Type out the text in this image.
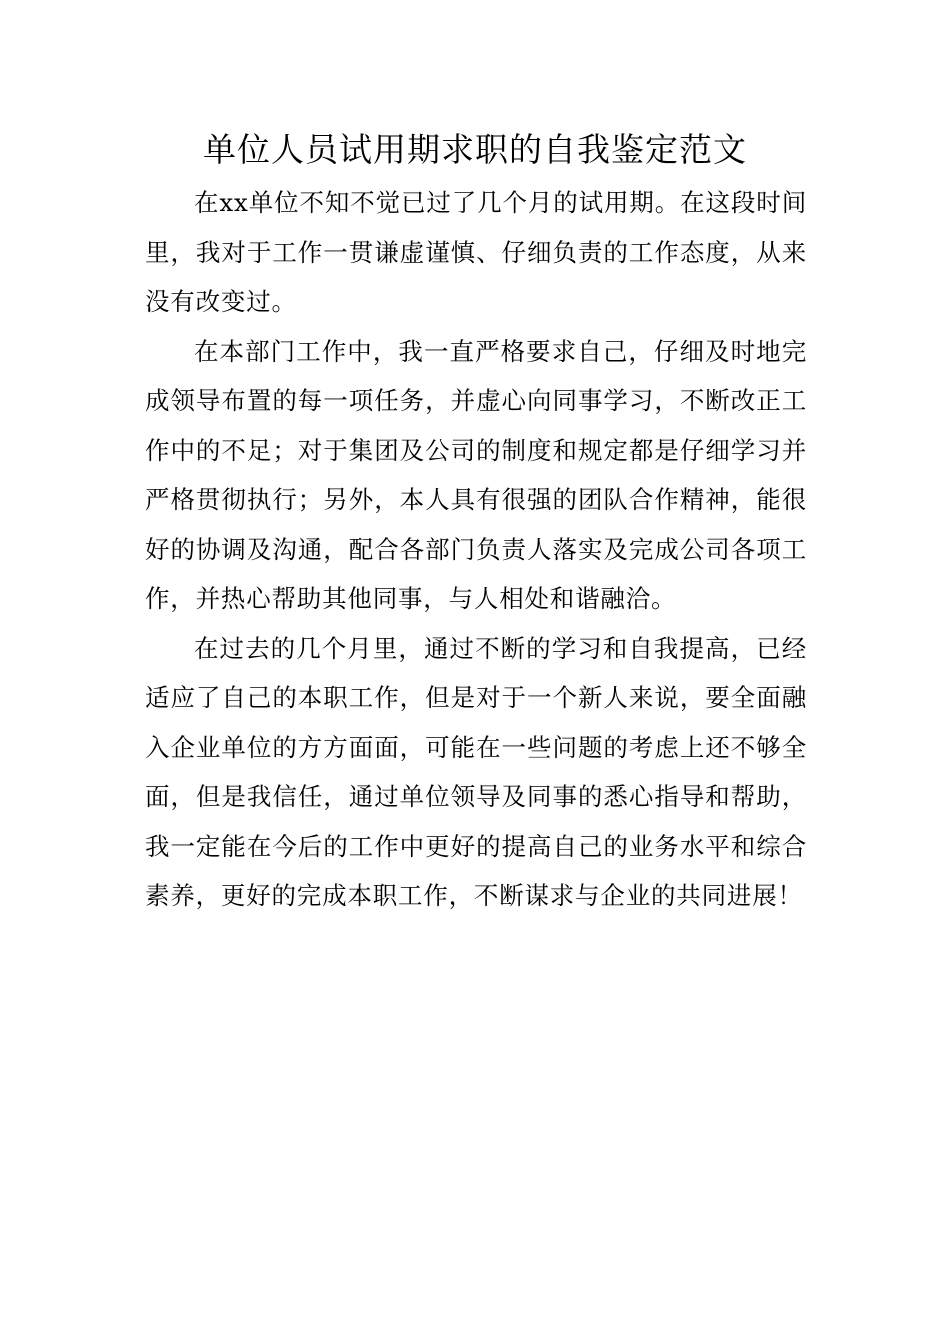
单位人员试用期求职的自我鉴定范文

在xx单位不知不觉已过了几个月的试用期。在这段时间里，我对于工作一贯谦虚谨慎、仔细负责的工作态度，从来没有改变过。

在本部门工作中，我一直严格要求自己，仔细及时地完成领导布置的每一项任务，并虚心向同事学习，不断改正工作中的不足；对于集团及公司的制度和规定都是仔细学习并严格贯彻执行；另外，本人具有很强的团队合作精神，能很好的协调及沟通，配合各部门负责人落实及完成公司各项工作，并热心帮助其他同事，与人相处和谐融洽。

在过去的几个月里，通过不断的学习和自我提高，已经适应了自己的本职工作，但是对于一个新人来说，要全面融入企业单位的方方面面，可能在一些问题的考虑上还不够全面，但是我信任，通过单位领导及同事的悉心指导和帮助，我一定能在今后的工作中更好的提高自己的业务水平和综合素养，更好的完成本职工作，不断谋求与企业的共同进展！
